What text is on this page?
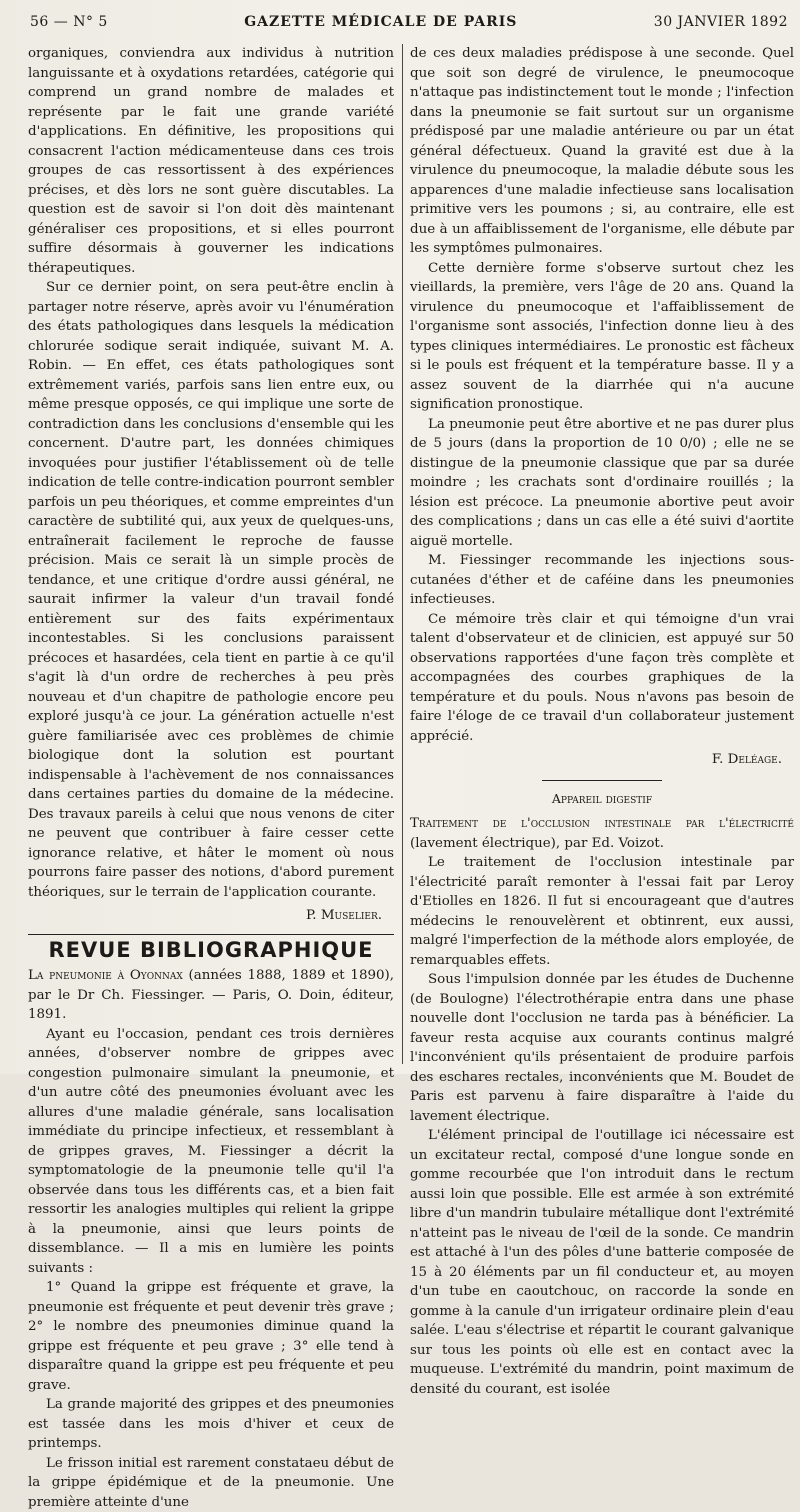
56 — N° 5	GAZETTE MÉDICALE DE PARIS	30 JANVIER 1892

organiques, conviendra aux individus à nutrition languissante et à oxydations retardées, catégorie qui comprend un grand nombre de malades et représente par le fait une grande variété d'applications. En définitive, les propositions qui consacrent l'action médicamenteuse dans ces trois groupes de cas ressortissent à des expériences précises, et dès lors ne sont guère discutables. La question est de savoir si l'on doit dès maintenant généraliser ces propositions, et si elles pourront suffire désormais à gouverner les indications thérapeutiques.

Sur ce dernier point, on sera peut-être enclin à partager notre réserve, après avoir vu l'énumération des états pathologiques dans lesquels la médication chlorurée sodique serait indiquée, suivant M. A. Robin. — En effet, ces états pathologiques sont extrêmement variés, parfois sans lien entre eux, ou même presque opposés, ce qui implique une sorte de contradiction dans les conclusions d'ensemble qui les concernent. D'autre part, les données chimiques invoquées pour justifier l'établissement où de telle indication de telle contre-indication pourront sembler parfois un peu théoriques, et comme empreintes d'un caractère de subtilité qui, aux yeux de quelques-uns, entraînerait facilement le reproche de fausse précision. Mais ce serait là un simple procès de tendance, et une critique d'ordre aussi général, ne saurait infirmer la valeur d'un travail fondé entièrement sur des faits expérimentaux incontestables. Si les conclusions paraissent précoces et hasardées, cela tient en partie à ce qu'il s'agit là d'un ordre de recherches à peu près nouveau et d'un chapitre de pathologie encore peu exploré jusqu'à ce jour. La génération actuelle n'est guère familiarisée avec ces problèmes de chimie biologique dont la solution est pourtant indispensable à l'achèvement de nos connaissances dans certaines parties du domaine de la médecine. Des travaux pareils à celui que nous venons de citer ne peuvent que contribuer à faire cesser cette ignorance relative, et hâter le moment où nous pourrons faire passer des notions, d'abord purement théoriques, sur le terrain de l'application courante.

P. Muselier.
REVUE BIBLIOGRAPHIQUE

La pneumonie à Oyonnax (années 1888, 1889 et 1890), par le Dr Ch. Fiessinger. — Paris, O. Doin, éditeur, 1891.

Ayant eu l'occasion, pendant ces trois dernières années, d'observer nombre de grippes avec congestion pulmonaire simulant la pneumonie, et d'un autre côté des pneumonies évoluant avec les allures d'une maladie générale, sans localisation immédiate du principe infectieux, et ressemblant à de grippes graves, M. Fiessinger a décrit la symptomatologie de la pneumonie telle qu'il l'a observée dans tous les différents cas, et a bien fait ressortir les analogies multiples qui relient la grippe à la pneumonie, ainsi que leurs points de dissemblance. — Il a mis en lumière les points suivants :

1° Quand la grippe est fréquente et grave, la pneumonie est fréquente et peut devenir très grave ; 2° le nombre des pneumonies diminue quand la grippe est fréquente et peu grave ; 3° elle tend à disparaître quand la grippe est peu fréquente et peu grave.

La grande majorité des grippes et des pneumonies est tassée dans les mois d'hiver et ceux de printemps.

Le frisson initial est rarement constataeu début de la grippe épidémique et de la pneumonie. Une première atteinte d'une

de ces deux maladies prédispose à une seconde. Quel que soit son degré de virulence, le pneumocoque n'attaque pas indistinctement tout le monde ; l'infection dans la pneumonie se fait surtout sur un organisme prédisposé par une maladie antérieure ou par un état général défectueux. Quand la gravité est due à la virulence du pneumocoque, la maladie débute sous les apparences d'une maladie infectieuse sans localisation primitive vers les poumons ; si, au contraire, elle est due à un affaiblissement de l'organisme, elle débute par les symptômes pulmonaires.

Cette dernière forme s'observe surtout chez les vieillards, la première, vers l'âge de 20 ans. Quand la virulence du pneumocoque et l'affaiblissement de l'organisme sont associés, l'infection donne lieu à des types cliniques intermédiaires. Le pronostic est fâcheux si le pouls est fréquent et la température basse. Il y a assez souvent de la diarrhée qui n'a aucune signification pronostique.

La pneumonie peut être abortive et ne pas durer plus de 5 jours (dans la proportion de 10 0/0) ; elle ne se distingue de la pneumonie classique que par sa durée moindre ; les crachats sont d'ordinaire rouillés ; la lésion est précoce. La pneumonie abortive peut avoir des complications ; dans un cas elle a été suivi d'aortite aiguë mortelle.

M. Fiessinger recommande les injections sous-cutanées d'éther et de caféine dans les pneumonies infectieuses.

Ce mémoire très clair et qui témoigne d'un vrai talent d'observateur et de clinicien, est appuyé sur 50 observations rapportées d'une façon très complète et accompagnées des courbes graphiques de la température et du pouls. Nous n'avons pas besoin de faire l'éloge de ce travail d'un collaborateur justement apprécié.

F. Deléage.
Appareil digestif

Traitement de l'occlusion intestinale par l'électricité (lavement électrique), par Ed. Voizot.

Le traitement de l'occlusion intestinale par l'électricité paraît remonter à l'essai fait par Leroy d'Etiolles en 1826. Il fut si encourageant que d'autres médecins le renouvelèrent et obtinrent, eux aussi, malgré l'imperfection de la méthode alors employée, de remarquables effets.

Sous l'impulsion donnée par les études de Duchenne (de Boulogne) l'électrothérapie entra dans une phase nouvelle dont l'occlusion ne tarda pas à bénéficier. La faveur resta acquise aux courants continus malgré l'inconvénient qu'ils présentaient de produire parfois des eschares rectales, inconvénients que M. Boudet de Paris est parvenu à faire disparaître à l'aide du lavement électrique.

L'élément principal de l'outillage ici nécessaire est un excitateur rectal, composé d'une longue sonde en gomme recourbée que l'on introduit dans le rectum aussi loin que possible. Elle est armée à son extrémité libre d'un mandrin tubulaire métallique dont l'extrémité n'atteint pas le niveau de l'œil de la sonde. Ce mandrin est attaché à l'un des pôles d'une batterie composée de 15 à 20 éléments par un fil conducteur et, au moyen d'un tube en caoutchouc, on raccorde la sonde en gomme à la canule d'un irrigateur ordinaire plein d'eau salée. L'eau s'électrise et répartit le courant galvanique sur tous les points où elle est en contact avec la muqueuse. L'extrémité du mandrin, point maximum de densité du courant, est isolée
